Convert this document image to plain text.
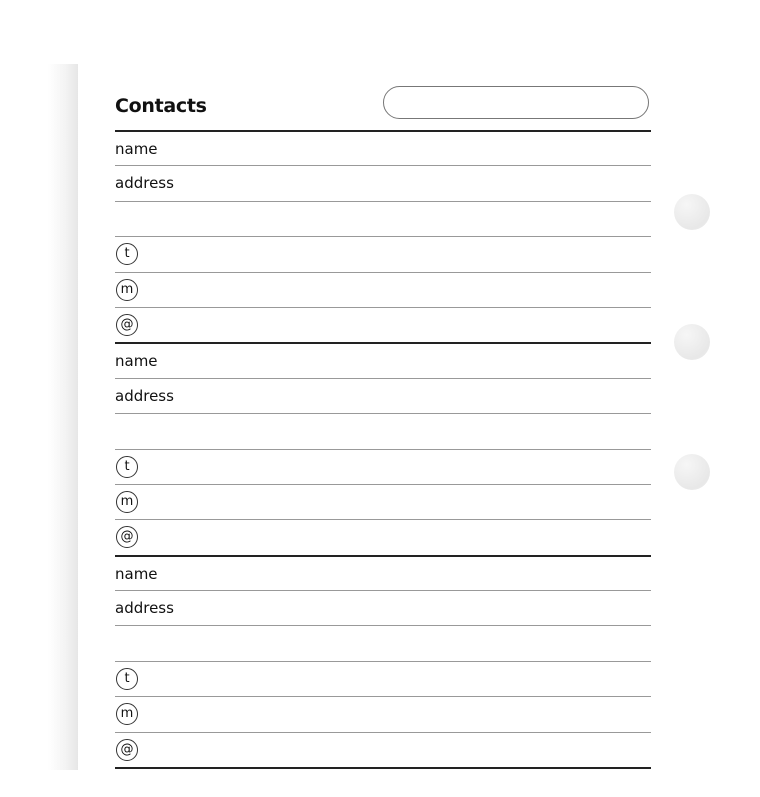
Contacts
name
address
t
m
@
name
address
t
m
@
name
address
t
m
@
